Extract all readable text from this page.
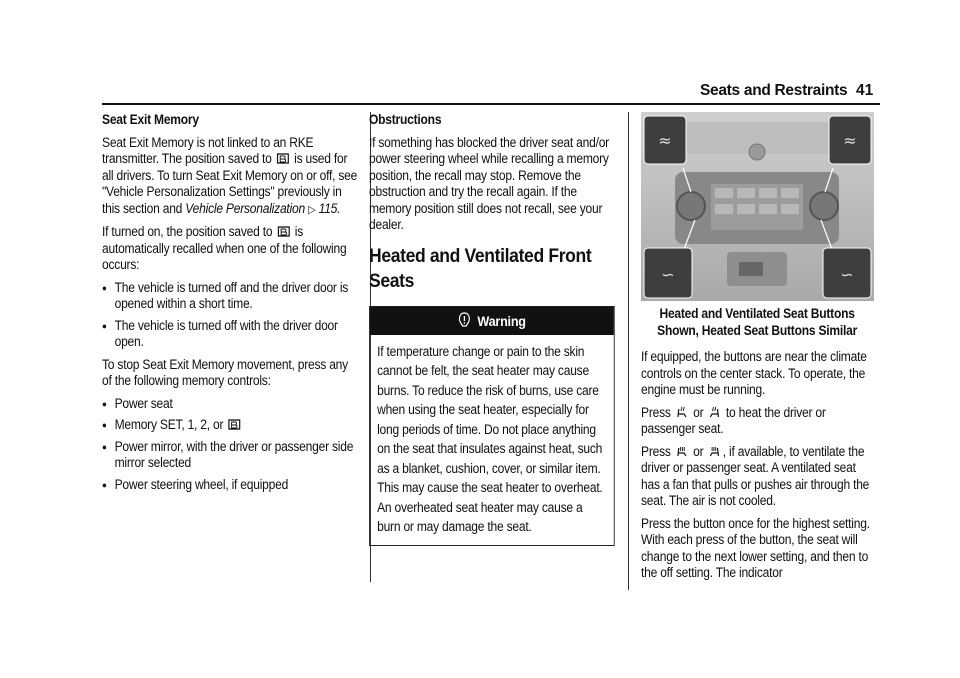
Seats and Restraints 41

Seat Exit Memory

Seat Exit Memory is not linked to an RKE transmitter. The position saved to is used for all drivers. To turn Seat Exit Memory on or off, see "Vehicle Personalization Settings" previously in this section and Vehicle Personalization ▷ 115.

If turned on, the position saved to is automatically recalled when one of the following occurs:

● The vehicle is turned off and the driver door is opened within a short time.
● The vehicle is turned off with the driver door open.

To stop Seat Exit Memory movement, press any of the following memory controls:

● Power seat
● Memory SET, 1, 2, or
● Power mirror, with the driver or passenger side mirror selected
● Power steering wheel, if equipped

Obstructions

If something has blocked the driver seat and/or power steering wheel while recalling a memory position, the recall may stop. Remove the obstruction and try the recall again. If the memory position still does not recall, see your dealer.

Heated and Ventilated Front Seats

Warning
If temperature change or pain to the skin cannot be felt, the seat heater may cause burns. To reduce the risk of burns, use care when using the seat heater, especially for long periods of time. Do not place anything on the seat that insulates against heat, such as a blanket, cushion, cover, or similar item. This may cause the seat heater to overheat. An overheated seat heater may cause a burn or may damage the seat.
≈	≈
∽	∽

Heated and Ventilated Seat Buttons Shown, Heated Seat Buttons Similar

If equipped, the buttons are near the climate controls on the center stack. To operate, the engine must be running.

Press or to heat the driver or passenger seat.

Press or , if available, to ventilate the driver or passenger seat. A ventilated seat has a fan that pulls or pushes air through the seat. The air is not cooled.

Press the button once for the highest setting. With each press of the button, the seat will change to the next lower setting, and then to the off setting. The indicator
